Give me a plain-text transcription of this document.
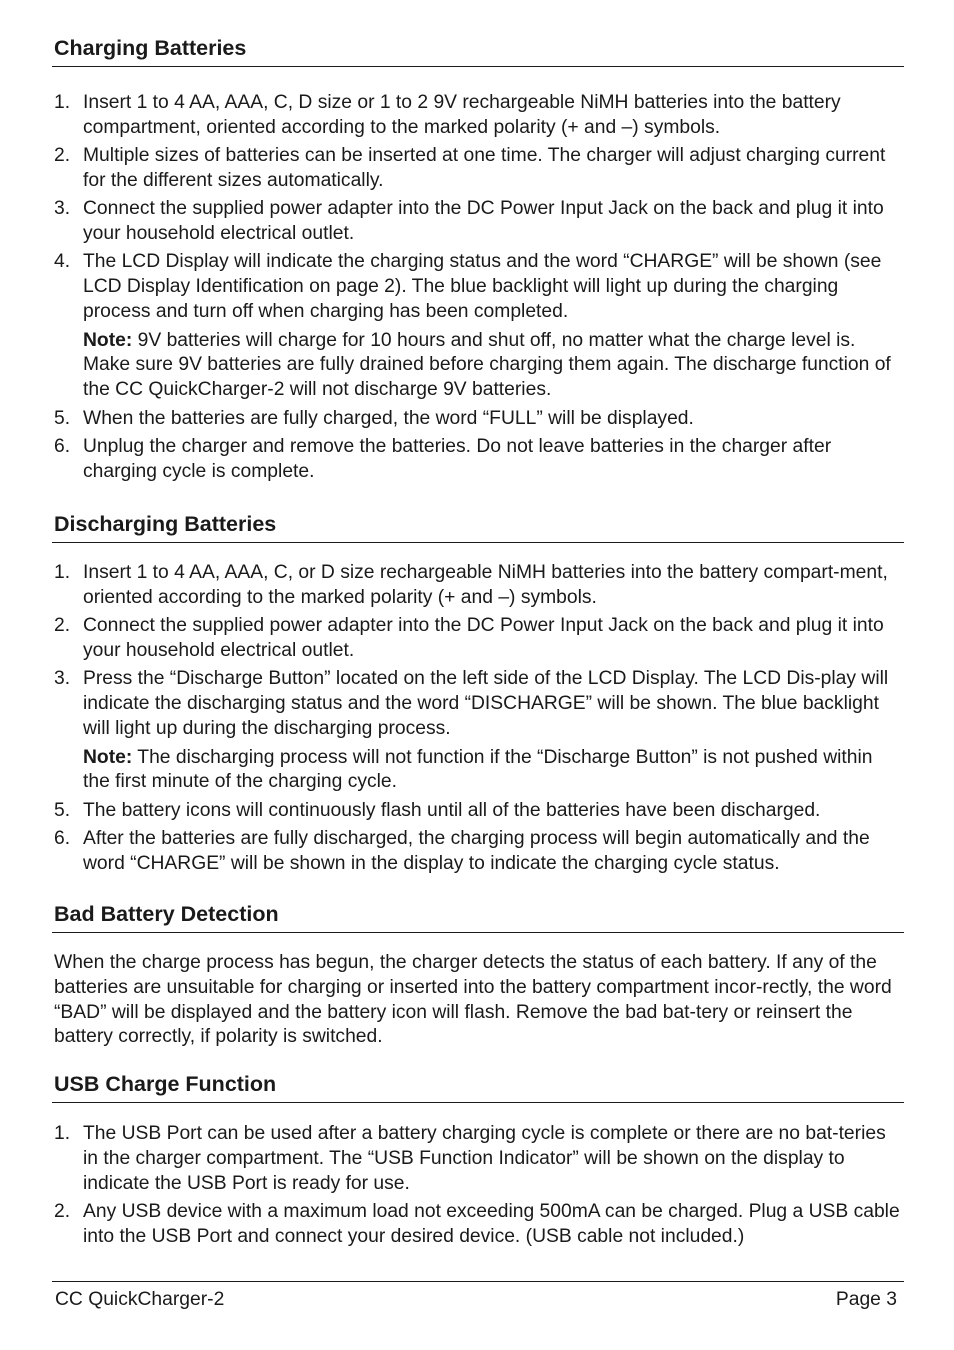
Charging Batteries
1. Insert 1 to 4 AA, AAA, C, D size or 1 to 2 9V rechargeable NiMH batteries into the battery compartment, oriented according to the marked polarity (+ and –) symbols.
2. Multiple sizes of batteries can be inserted at one time. The charger will adjust charging current for the different sizes automatically.
3. Connect the supplied power adapter into the DC Power Input Jack on the back and plug it into your household electrical outlet.
4. The LCD Display will indicate the charging status and the word “CHARGE” will be shown (see LCD Display Identification on page 2). The blue backlight will light up during the charging process and turn off when charging has been completed.
Note: 9V batteries will charge for 10 hours and shut off, no matter what the charge level is. Make sure 9V batteries are fully drained before charging them again. The discharge function of the CC QuickCharger-2 will not discharge 9V batteries.
5. When the batteries are fully charged, the word “FULL” will be displayed.
6. Unplug the charger and remove the batteries. Do not leave batteries in the charger after charging cycle is complete.
Discharging Batteries
1. Insert 1 to 4 AA, AAA, C, or D size rechargeable NiMH batteries into the battery compart-ment, oriented according to the marked polarity (+ and –) symbols.
2. Connect the supplied power adapter into the DC Power Input Jack on the back and plug it into your household electrical outlet.
3. Press the “Discharge Button” located on the left side of the LCD Display. The LCD Dis-play will indicate the discharging status and the word “DISCHARGE” will be shown. The blue backlight will light up during the discharging process.
Note: The discharging process will not function if the “Discharge Button” is not pushed within the first minute of the charging cycle.
5. The battery icons will continuously flash until all of the batteries have been discharged.
6. After the batteries are fully discharged, the charging process will begin automatically and the word “CHARGE” will be shown in the display to indicate the charging cycle status.
Bad Battery Detection

When the charge process has begun, the charger detects the status of each battery. If any of the batteries are unsuitable for charging or inserted into the battery compartment incor-rectly, the word “BAD” will be displayed and the battery icon will flash. Remove the bad bat-tery or reinsert the battery correctly, if polarity is switched.

USB Charge Function
1. The USB Port can be used after a battery charging cycle is complete or there are no bat-teries in the charger compartment. The “USB Function Indicator” will be shown on the display to indicate the USB Port is ready for use.
2. Any USB device with a maximum load not exceeding 500mA can be charged. Plug a USB cable into the USB Port and connect your desired device. (USB cable not included.)
CC QuickCharger-2	Page 3
